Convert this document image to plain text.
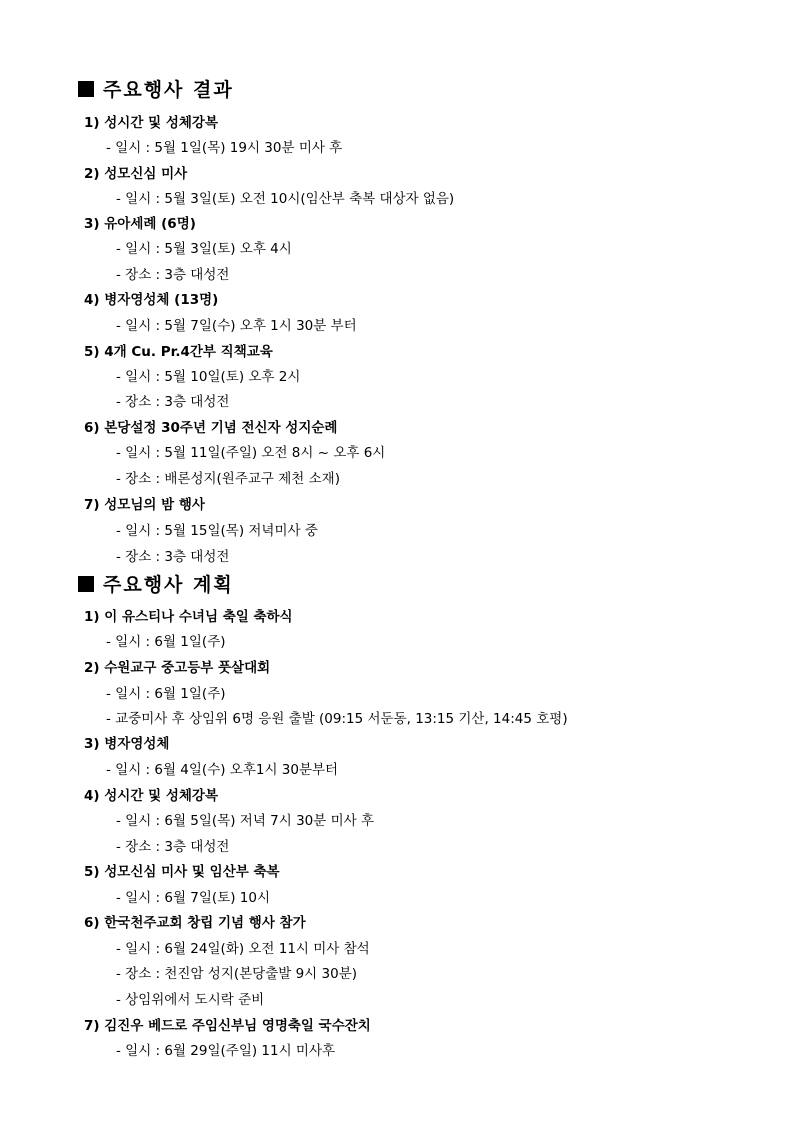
주요행사 결과
1) 성시간 및 성체강복
- 일시 : 5월 1일(목) 19시 30분 미사 후
2) 성모신심 미사
- 일시 : 5월 3일(토) 오전 10시(임산부 축복 대상자 없음)
3) 유아세례 (6명)
- 일시 : 5월 3일(토) 오후 4시
- 장소 : 3층 대성전
4) 병자영성체 (13명)
- 일시 : 5월 7일(수) 오후 1시 30분 부터
5) 4개 Cu. Pr.4간부 직책교육
- 일시 : 5월 10일(토) 오후 2시
- 장소 : 3층 대성전
6) 본당설정 30주년 기념 전신자 성지순례
- 일시 : 5월 11일(주일) 오전 8시 ~ 오후 6시
- 장소 : 배론성지(원주교구 제천 소재)
7) 성모님의 밤 행사
- 일시 : 5월 15일(목) 저녁미사 중
- 장소 : 3층 대성전
주요행사 계획
1) 이 유스티나 수녀님 축일 축하식
- 일시 : 6월 1일(주)
2) 수원교구 중고등부 풋살대회
- 일시 : 6월 1일(주)
- 교중미사 후 상임위 6명 응원 출발 (09:15 서둔동, 13:15 기산, 14:45 호평)
3) 병자영성체
- 일시 : 6월 4일(수) 오후1시 30분부터
4) 성시간 및 성체강복
- 일시 : 6월 5일(목) 저녁 7시 30분 미사 후
- 장소 : 3층 대성전
5) 성모신심 미사 및 임산부 축복
- 일시 : 6월 7일(토) 10시
6) 한국천주교회 창립 기념 행사 참가
- 일시 : 6월 24일(화) 오전 11시 미사 참석
- 장소 : 천진암 성지(본당출발 9시 30분)
- 상임위에서 도시락 준비
7) 김진우 베드로 주임신부님 영명축일 국수잔치
- 일시 : 6월 29일(주일) 11시 미사후
